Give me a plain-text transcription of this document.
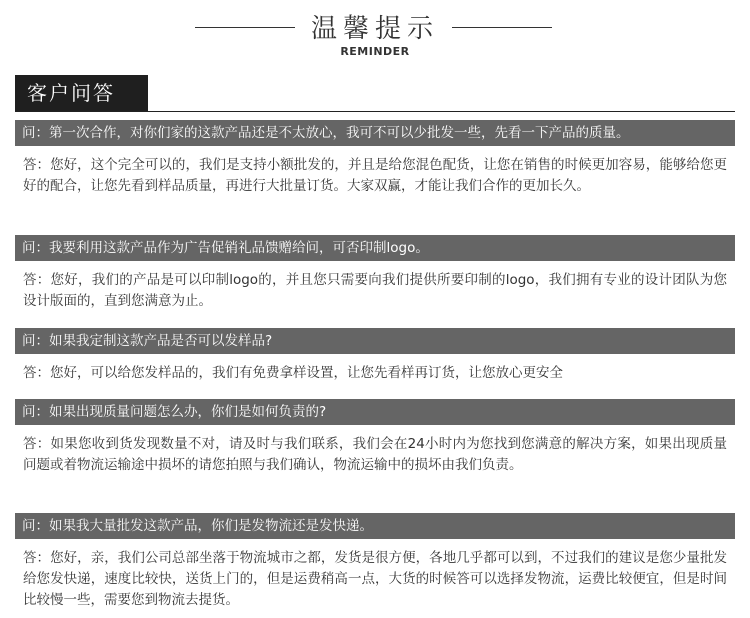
温馨提示
REMINDER
客户问答
问：第一次合作，对你们家的这款产品还是不太放心，我可不可以少批发一些，先看一下产品的质量。
答：您好，这个完全可以的，我们是支持小额批发的，并且是给您混色配货，让您在销售的时候更加容易，能够给您更好的配合，让您先看到样品质量，再进行大批量订货。大家双赢，才能让我们合作的更加长久。
问：我要利用这款产品作为广告促销礼品馈赠给问，可否印制logo。
答：您好，我们的产品是可以印制logo的，并且您只需要向我们提供所要印制的logo，我们拥有专业的设计团队为您设计版面的，直到您满意为止。
问：如果我定制这款产品是否可以发样品?
答：您好，可以给您发样品的，我们有免费拿样设置，让您先看样再订货，让您放心更安全
问：如果出现质量问题怎么办，你们是如何负责的?
答：如果您收到货发现数量不对，请及时与我们联系，我们会在24小时内为您找到您满意的解决方案，如果出现质量问题或着物流运输途中损坏的请您拍照与我们确认，物流运输中的损坏由我们负责。
问：如果我大量批发这款产品，你们是发物流还是发快递。
答：您好，亲，我们公司总部坐落于物流城市之都，发货是很方便，各地几乎都可以到，不过我们的建议是您少量批发给您发快递，速度比较快，送货上门的，但是运费稍高一点，大货的时候答可以选择发物流，运费比较便宜，但是时间比较慢一些，需要您到物流去提货。
